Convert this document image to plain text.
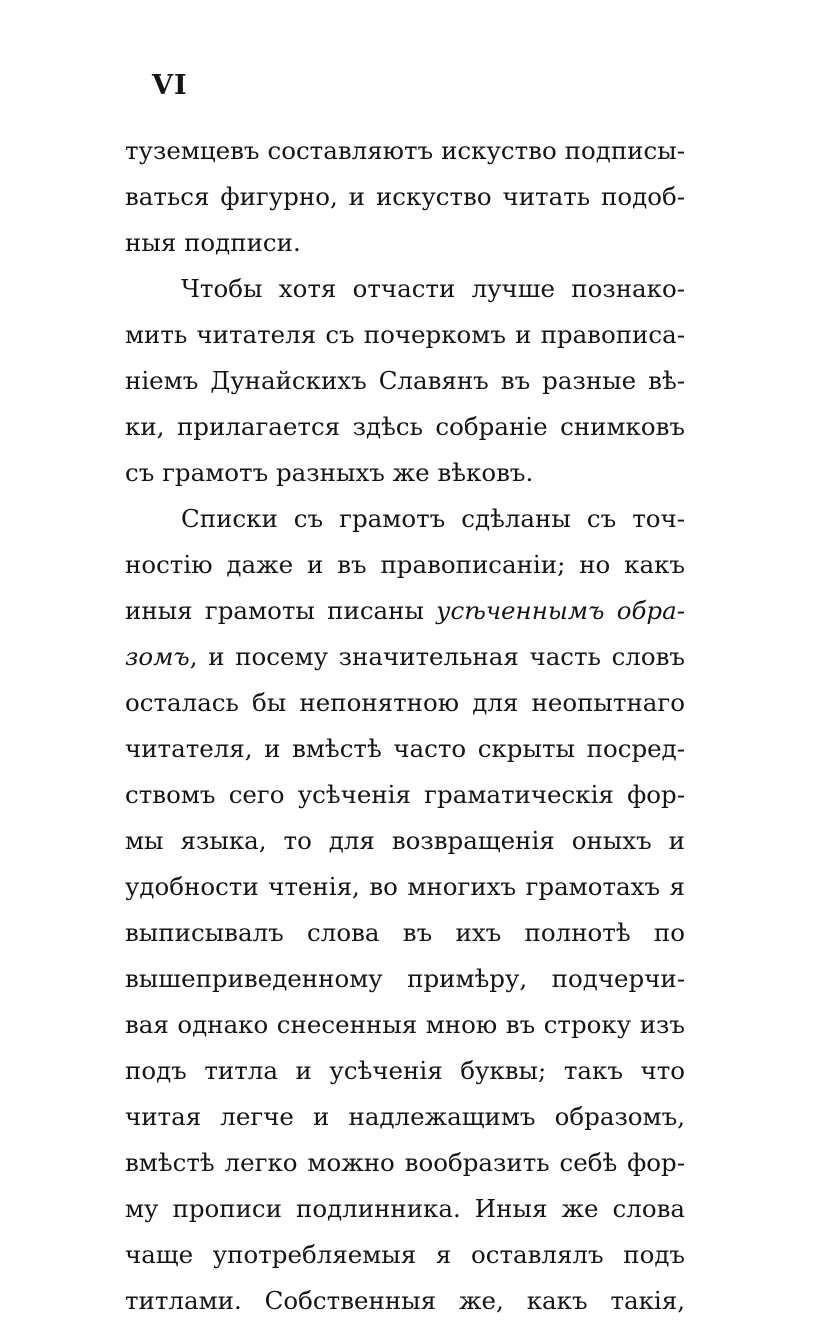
VI
туземцевъ составляютъ искуство подписы-
ваться фигурно, и искуство читать подоб-
ныя подписи.
Чтобы хотя отчасти лучше познако-
мить читателя съ почеркомъ и правописа-
ніемъ Дунайскихъ Славянъ въ разные вѣ-
ки, прилагается здѣсь собраніе снимковъ
съ грамотъ разныхъ же вѣковъ.
Списки съ грамотъ сдѣланы съ точ-
ностію даже и въ правописаніи; но какъ
иныя грамоты писаны усѣченнымъ обра-
зомъ, и посему значительная часть словъ
осталась бы непонятною для неопытнаго
читателя, и вмѣстѣ часто скрыты посред-
ствомъ сего усѣченія граматическія фор-
мы языка, то для возвращенія оныхъ и
удобности чтенія, во многихъ грамотахъ я
выписывалъ слова въ ихъ полнотѣ по
вышеприведенному примѣру, подчерчи-
вая однако снесенныя мною въ строку изъ
подъ титла и усѣченія буквы; такъ что
читая легче и надлежащимъ образомъ,
вмѣстѣ легко можно вообразить себѣ фор-
му прописи подлинника. Иныя же слова
чаще употребляемыя я оставлялъ подъ
титлами. Собственныя же, какъ такія,
